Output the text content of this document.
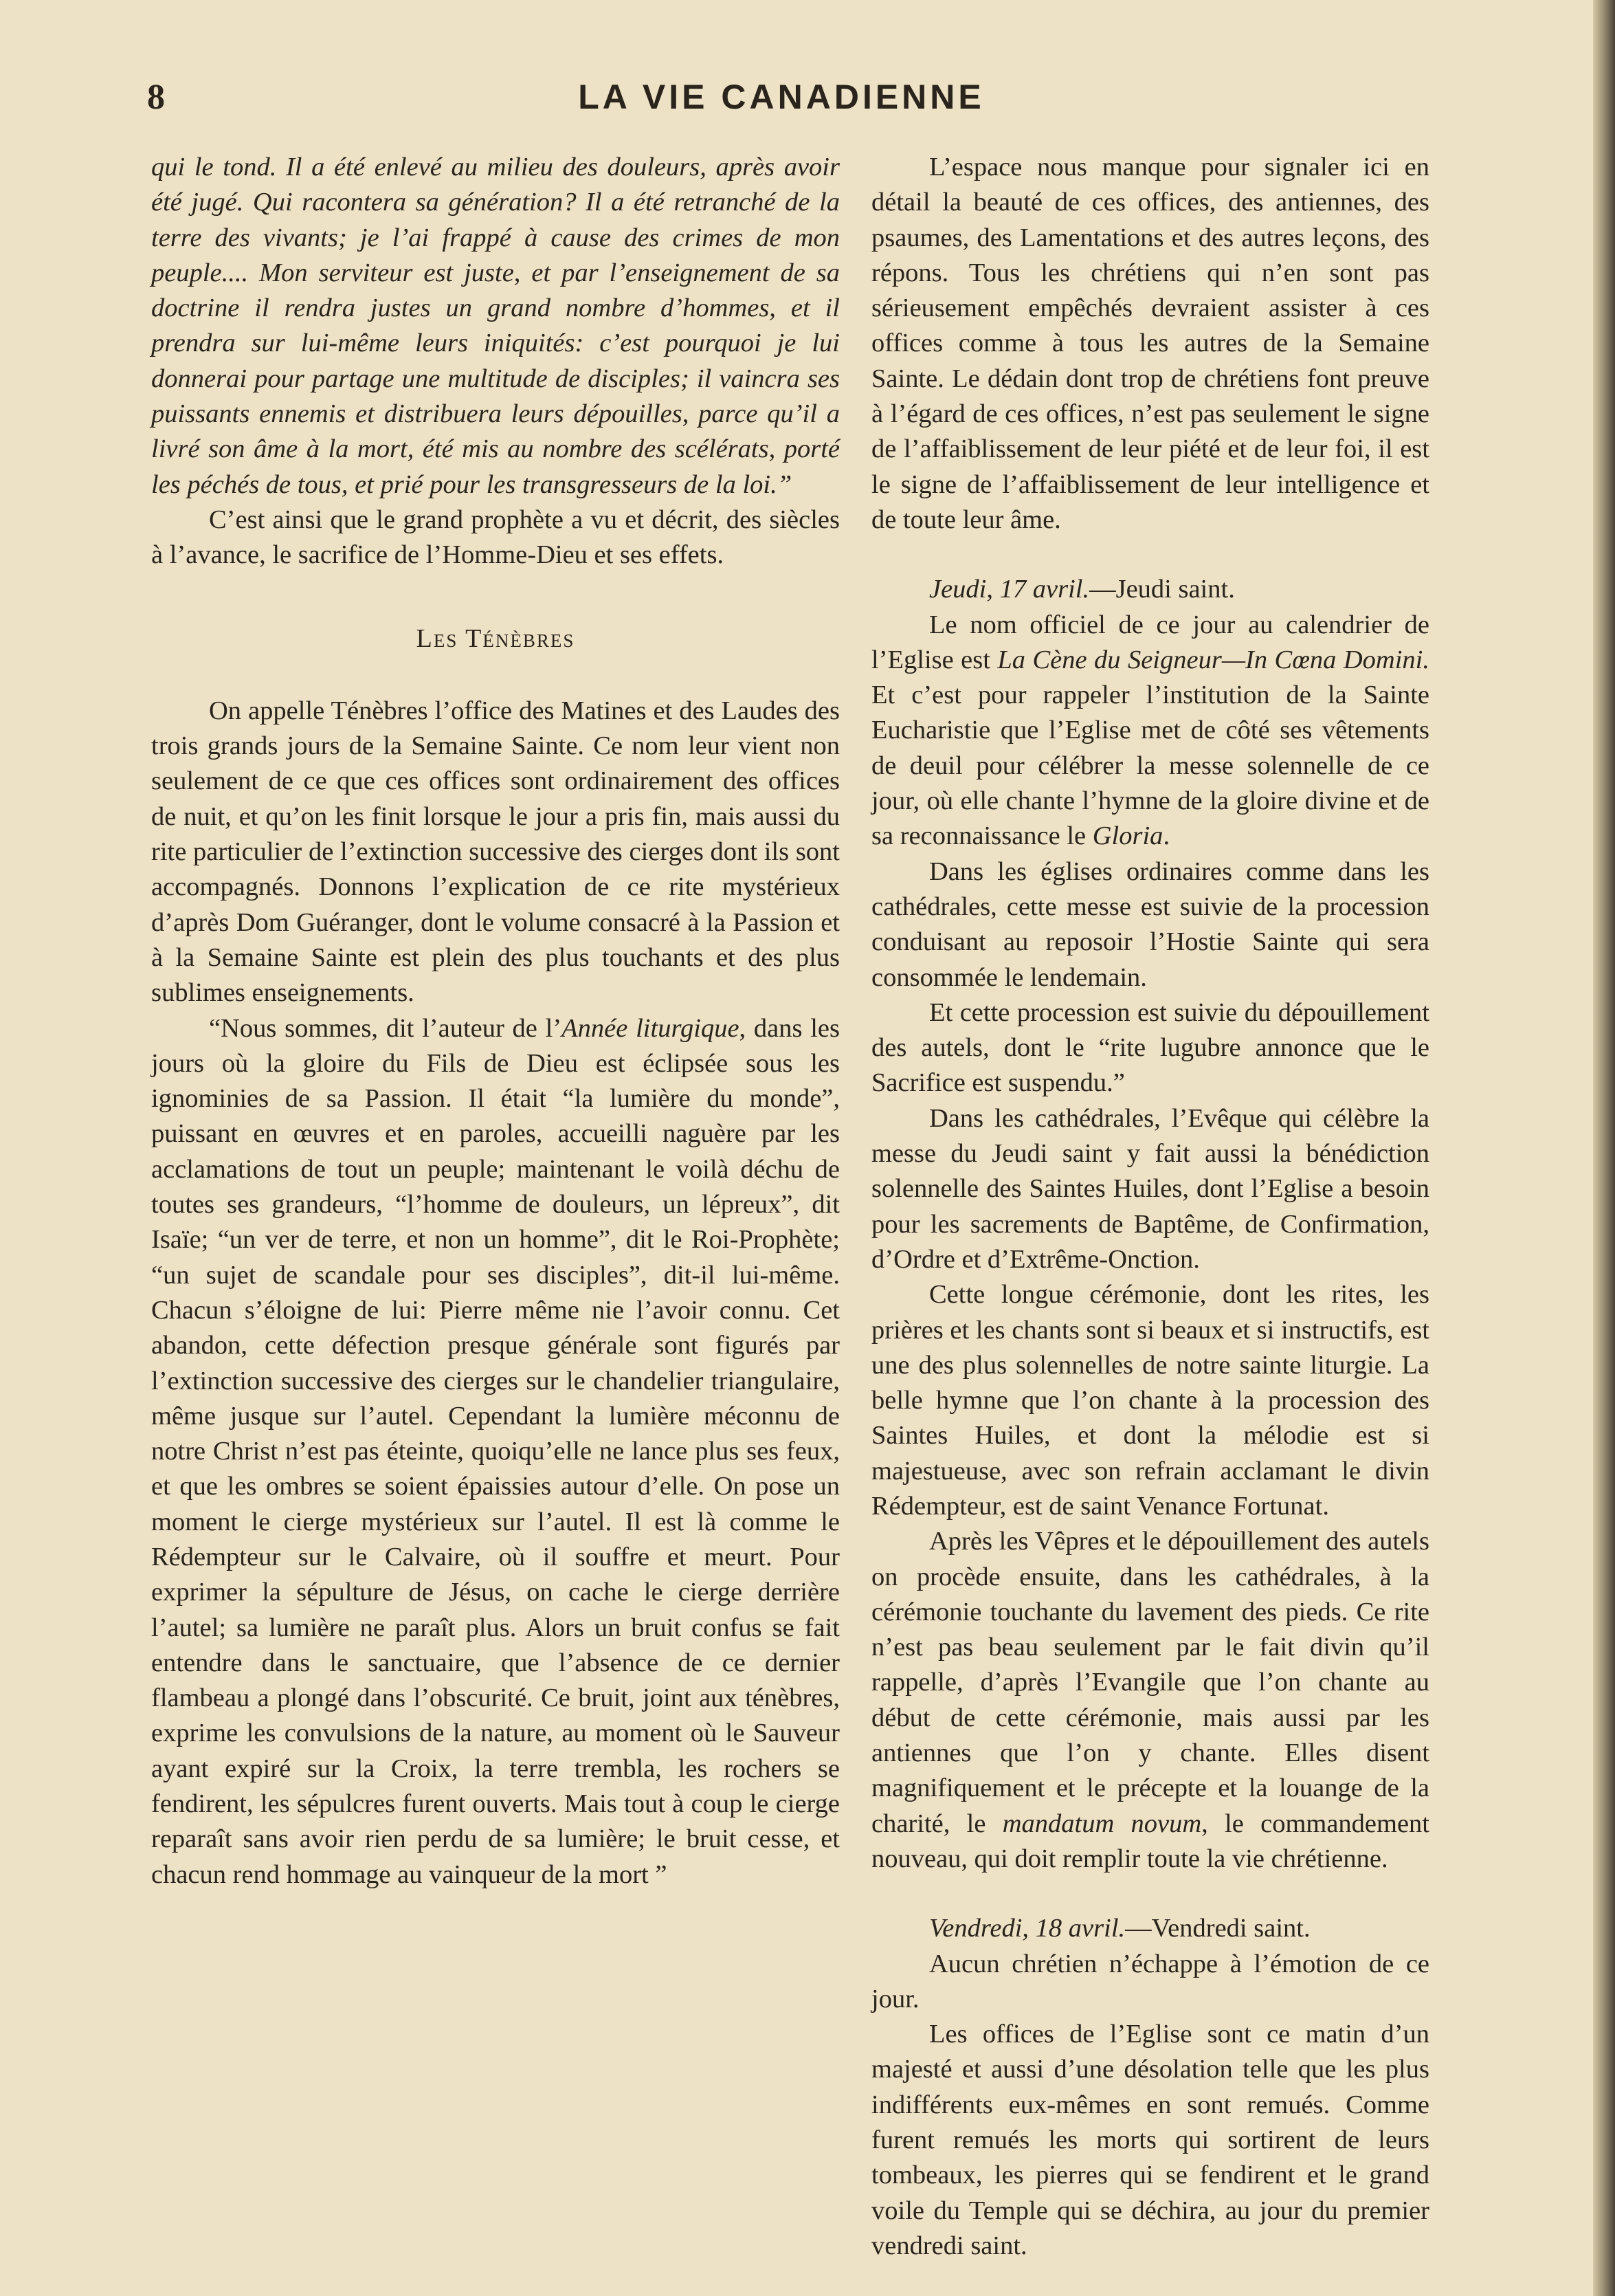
8	LA VIE CANADIENNE

qui le tond. Il a été enlevé au milieu des douleurs, après avoir été jugé. Qui racontera sa génération? Il a été retranché de la terre des vivants; je l’ai frappé à cause des crimes de mon peuple.... Mon serviteur est juste, et par l’enseignement de sa doctrine il rendra justes un grand nombre d’hommes, et il prendra sur lui-même leurs iniquités: c’est pourquoi je lui donnerai pour partage une multitude de disciples; il vaincra ses puissants ennemis et distribuera leurs dépouilles, parce qu’il a livré son âme à la mort, été mis au nombre des scélérats, porté les péchés de tous, et prié pour les transgresseurs de la loi.”

C’est ainsi que le grand prophète a vu et décrit, des siècles à l’avance, le sacrifice de l’Homme-Dieu et ses effets.

Les Ténèbres

On appelle Ténèbres l’office des Matines et des Laudes des trois grands jours de la Semaine Sainte. Ce nom leur vient non seulement de ce que ces offices sont ordinairement des offices de nuit, et qu’on les finit lorsque le jour a pris fin, mais aussi du rite particulier de l’extinction successive des cierges dont ils sont accompagnés. Donnons l’explication de ce rite mystérieux d’après Dom Guéranger, dont le volume consacré à la Passion et à la Semaine Sainte est plein des plus touchants et des plus sublimes enseignements.

“Nous sommes, dit l’auteur de l’Année liturgique, dans les jours où la gloire du Fils de Dieu est éclipsée sous les ignominies de sa Passion. Il était “la lumière du monde”, puissant en œuvres et en paroles, accueilli naguère par les acclamations de tout un peuple; maintenant le voilà déchu de toutes ses grandeurs, “l’homme de douleurs, un lépreux”, dit Isaïe; “un ver de terre, et non un homme”, dit le Roi-Prophète; “un sujet de scandale pour ses disciples”, dit-il lui-même. Chacun s’éloigne de lui: Pierre même nie l’avoir connu. Cet abandon, cette défection presque générale sont figurés par l’extinction successive des cierges sur le chandelier triangulaire, même jusque sur l’autel. Cependant la lumière méconnu de notre Christ n’est pas éteinte, quoiqu’elle ne lance plus ses feux, et que les ombres se soient épaissies autour d’elle. On pose un moment le cierge mystérieux sur l’autel. Il est là comme le Rédempteur sur le Calvaire, où il souffre et meurt. Pour exprimer la sépulture de Jésus, on cache le cierge derrière l’autel; sa lumière ne paraît plus. Alors un bruit confus se fait entendre dans le sanctuaire, que l’absence de ce dernier flambeau a plongé dans l’obscurité. Ce bruit, joint aux ténèbres, exprime les convulsions de la nature, au moment où le Sauveur ayant expiré sur la Croix, la terre trembla, les rochers se fendirent, les sépulcres furent ouverts. Mais tout à coup le cierge reparaît sans avoir rien perdu de sa lumière; le bruit cesse, et chacun rend hommage au vainqueur de la mort ”

L’espace nous manque pour signaler ici en détail la beauté de ces offices, des antiennes, des psaumes, des Lamentations et des autres leçons, des répons. Tous les chrétiens qui n’en sont pas sérieusement empêchés devraient assister à ces offices comme à tous les autres de la Semaine Sainte. Le dédain dont trop de chrétiens font preuve à l’égard de ces offices, n’est pas seulement le signe de l’affaiblissement de leur piété et de leur foi, il est le signe de l’affaiblissement de leur intelligence et de toute leur âme.

Jeudi, 17 avril.—Jeudi saint.

Le nom officiel de ce jour au calendrier de l’Eglise est La Cène du Seigneur—In Cœna Domini. Et c’est pour rappeler l’institution de la Sainte Eucharistie que l’Eglise met de côté ses vêtements de deuil pour célébrer la messe solennelle de ce jour, où elle chante l’hymne de la gloire divine et de sa reconnaissance le Gloria.

Dans les églises ordinaires comme dans les cathédrales, cette messe est suivie de la procession conduisant au reposoir l’Hostie Sainte qui sera consommée le lendemain.

Et cette procession est suivie du dépouillement des autels, dont le “rite lugubre annonce que le Sacrifice est suspendu.”

Dans les cathédrales, l’Evêque qui célèbre la messe du Jeudi saint y fait aussi la bénédiction solennelle des Saintes Huiles, dont l’Eglise a besoin pour les sacrements de Baptême, de Confirmation, d’Ordre et d’Extrême-Onction.

Cette longue cérémonie, dont les rites, les prières et les chants sont si beaux et si instructifs, est une des plus solennelles de notre sainte liturgie. La belle hymne que l’on chante à la procession des Saintes Huiles, et dont la mélodie est si majestueuse, avec son refrain acclamant le divin Rédempteur, est de saint Venance Fortunat.

Après les Vêpres et le dépouillement des autels on procède ensuite, dans les cathédrales, à la cérémonie touchante du lavement des pieds. Ce rite n’est pas beau seulement par le fait divin qu’il rappelle, d’après l’Evangile que l’on chante au début de cette cérémonie, mais aussi par les antiennes que l’on y chante. Elles disent magnifiquement et le précepte et la louange de la charité, le mandatum novum, le commandement nouveau, qui doit remplir toute la vie chrétienne.

Vendredi, 18 avril.—Vendredi saint.

Aucun chrétien n’échappe à l’émotion de ce jour.

Les offices de l’Eglise sont ce matin d’un majesté et aussi d’une désolation telle que les plus indifférents eux-mêmes en sont remués. Comme furent remués les morts qui sortirent de leurs tombeaux, les pierres qui se fendirent et le grand voile du Temple qui se déchira, au jour du premier vendredi saint.
